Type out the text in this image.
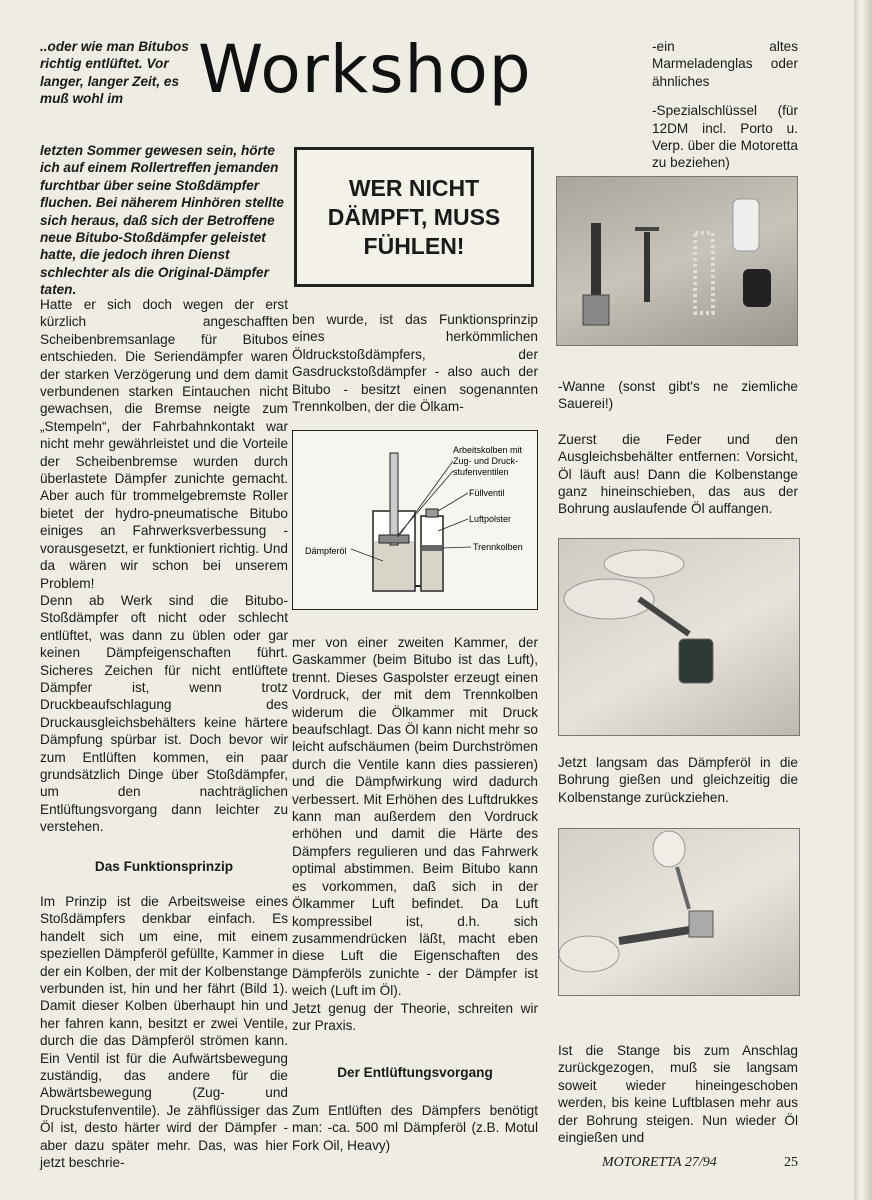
Workshop
..oder wie man Bitubos richtig entlüftet. Vor langer, langer Zeit, es muß wohl im
letzten Sommer gewesen sein, hörte ich auf einem Rollertreffen jemanden furchtbar über seine Stoßdämpfer fluchen. Bei näherem Hinhören stellte sich heraus, daß sich der Betroffene neue Bitubo-Stoßdämpfer geleistet hatte, die jedoch ihren Dienst schlechter als die Original-Dämpfer taten.
WER NICHT DÄMPFT, MUSS FÜHLEN!

Hatte er sich doch wegen der erst kürzlich angeschafften Scheibenbremsanlage für Bitubos entschieden. Die Seriendämpfer waren der starken Verzögerung und dem damit verbundenen starken Eintauchen nicht gewachsen, die Bremse neigte zum „Stempeln“, der Fahrbahnkontakt war nicht mehr gewährleistet und die Vorteile der Scheibenbremse wurden durch überlastete Dämpfer zunichte gemacht. Aber auch für trommelgebremste Roller bietet der hydro-pneumatische Bitubo einiges an Fahrwerksverbessung - vorausgesetzt, er funktioniert richtig. Und da wären wir schon bei unserem Problem!

Denn ab Werk sind die Bitubo-Stoßdämpfer oft nicht oder schlecht entlüftet, was dann zu üblen oder gar keinen Dämpfeigenschaften führt. Sicheres Zeichen für nicht entlüftete Dämpfer ist, wenn trotz Druckbeaufschlagung des Druckausgleichsbehälters keine härtere Dämpfung spürbar ist. Doch bevor wir zum Entlüften kommen, ein paar grundsätzlich Dinge über Stoßdämpfer, um den nachträglichen Entlüftungsvorgang dann leichter zu verstehen.

Das Funktionsprinzip

Im Prinzip ist die Arbeitsweise eines Stoßdämpfers denkbar einfach. Es handelt sich um eine, mit einem speziellen Dämpferöl gefüllte, Kammer in der ein Kolben, der mit der Kolbenstange verbunden ist, hin und her fährt (Bild 1). Damit dieser Kolben überhaupt hin und her fahren kann, besitzt er zwei Ventile, durch die das Dämpferöl strömen kann. Ein Ventil ist für die Aufwärtsbewegung zuständig, das andere für die Abwärtsbewegung (Zug- und Druckstufenventile). Je zähflüssiger das Öl ist, desto härter wird der Dämpfer - aber dazu später mehr. Das, was hier jetzt beschrie-

ben wurde, ist das Funktionsprinzip eines herkömmlichen Öldruckstoßdämpfers, der Gasdruckstoßdämpfer - also auch der Bitubo - besitzt einen sogenannten Trennkolben, der die Ölkam-

Arbeitskolben mit
Zug- und Druck-
stufenventilen
Füllventil
Luftpolster
Trennkolben
Dämpferöl

mer von einer zweiten Kammer, der Gaskammer (beim Bitubo ist das Luft), trennt. Dieses Gaspolster erzeugt einen Vordruck, der mit dem Trennkolben widerum die Ölkammer mit Druck beaufschlagt. Das Öl kann nicht mehr so leicht aufschäumen (beim Durchströmen durch die Ventile kann dies passieren) und die Dämpfwirkung wird dadurch verbessert. Mit Erhöhen des Luftdrukkes kann man außerdem den Vordruck erhöhen und damit die Härte des Dämpfers regulieren und das Fahrwerk optimal abstimmen. Beim Bitubo kann es vorkommen, daß sich in der Ölkammer Luft befindet. Da Luft kompressibel ist, d.h. sich zusammendrücken läßt, macht eben diese Luft die Eigenschaften des Dämpferöls zunichte - der Dämpfer ist weich (Luft im Öl).

Jetzt genug der Theorie, schreiten wir zur Praxis.

Der Entlüftungsvorgang

Zum Entlüften des Dämpfers benötigt man: -ca. 500 ml Dämpferöl (z.B. Motul Fork Oil, Heavy)

-ein altes Marmeladenglas oder ähnliches

-Spezialschlüssel (für 12DM incl. Porto u. Verp. über die Motoretta zu beziehen)

-Wanne (sonst gibt's ne ziemliche Sauerei!)

Zuerst die Feder und den Ausgleichsbehälter entfernen: Vorsicht, Öl läuft aus! Dann die Kolbenstange ganz hineinschieben, das aus der Bohrung auslaufende Öl auffangen.

Jetzt langsam das Dämpferöl in die Bohrung gießen und gleichzeitig die Kolbenstange zurückziehen.

Ist die Stange bis zum Anschlag zurückgezogen, muß sie langsam soweit wieder hineingeschoben werden, bis keine Luftblasen mehr aus der Bohrung steigen. Nun wieder Öl eingießen und

MOTORETTA 27/94	25
